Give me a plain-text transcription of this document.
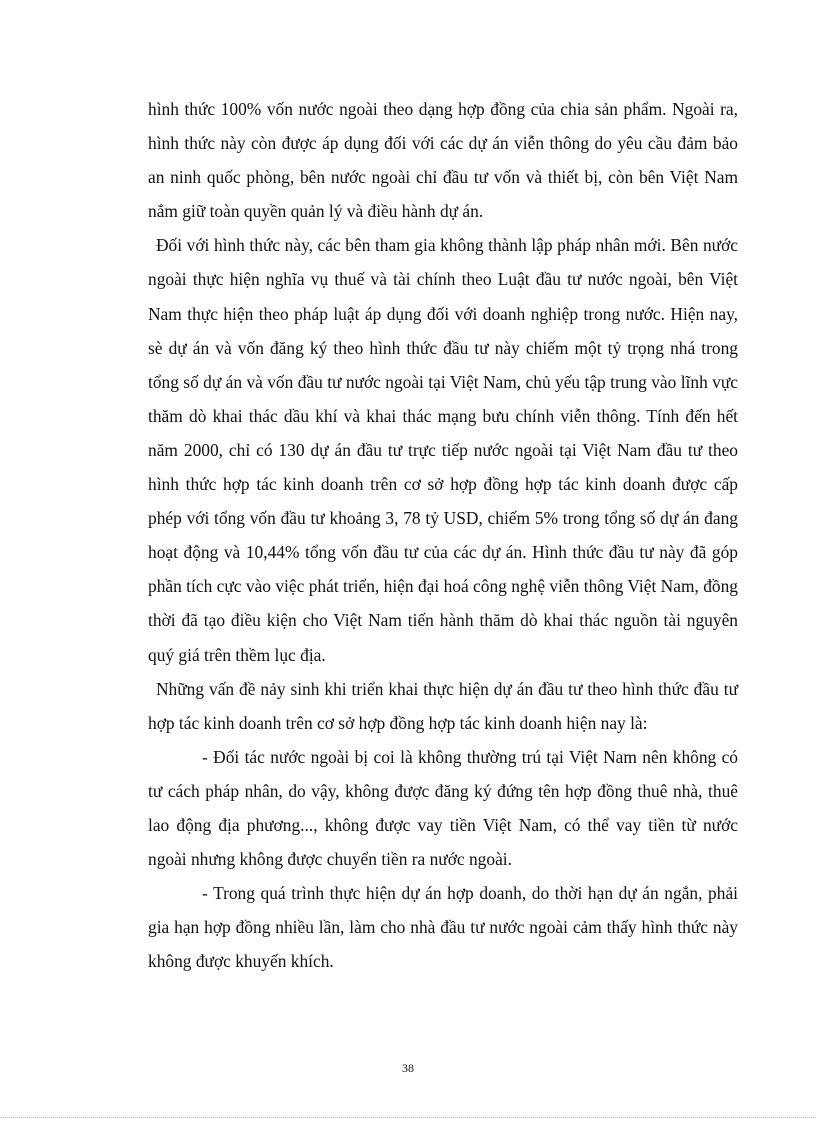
hình thức 100% vốn nước ngoài theo dạng hợp đồng của chia sản phẩm. Ngoài ra, hình thức này còn được áp dụng đối với các dự án viễn thông do yêu cầu đảm bảo an ninh quốc phòng, bên nước ngoài chỉ đầu tư vốn và thiết bị, còn bên Việt Nam nắm giữ toàn quyền quản lý và điều hành dự án.

Đối với hình thức này, các bên tham gia không thành lập pháp nhân mới. Bên nước ngoài thực hiện nghĩa vụ thuế và tài chính theo Luật đầu tư nước ngoài, bên Việt Nam thực hiện theo pháp luật áp dụng đối với doanh nghiệp trong nước. Hiện nay, sè dự án và vốn đăng ký theo hình thức đầu tư này chiếm một tỷ trọng nhá trong tổng số dự án và vốn đầu tư nước ngoài tại Việt Nam, chủ yếu tập trung vào lĩnh vực thăm dò khai thác dầu khí và khai thác mạng bưu chính viễn thông. Tính đến hết năm 2000, chỉ có 130 dự án đầu tư trực tiếp nước ngoài tại Việt Nam đầu tư theo hình thức hợp tác kinh doanh trên cơ sở hợp đồng hợp tác kinh doanh được cấp phép với tổng vốn đầu tư khoảng 3, 78 tỷ USD, chiếm 5% trong tổng số dự án đang hoạt động và 10,44% tổng vốn đầu tư của các dự án. Hình thức đầu tư này đã góp phần tích cực vào việc phát triển, hiện đại hoá công nghệ viễn thông Việt Nam, đồng thời đã tạo điều kiện cho Việt Nam tiến hành thăm dò khai thác nguồn tài nguyên quý giá trên thềm lục địa.

Những vấn đề nảy sinh khi triển khai thực hiện dự án đầu tư theo hình thức đầu tư hợp tác kinh doanh trên cơ sở hợp đồng hợp tác kinh doanh hiện nay là:

- Đối tác nước ngoài bị coi là không thường trú tại Việt Nam nên không có tư cách pháp nhân, do vậy, không được đăng ký đứng tên hợp đồng thuê nhà, thuê lao động địa phương..., không được vay tiền Việt Nam, có thể vay tiền từ nước ngoài nhưng không được chuyển tiền ra nước ngoài.

- Trong quá trình thực hiện dự án hợp doanh, do thời hạn dự án ngắn, phải gia hạn hợp đồng nhiều lần, làm cho nhà đầu tư nước ngoài cảm thấy hình thức này không được khuyến khích.

38
